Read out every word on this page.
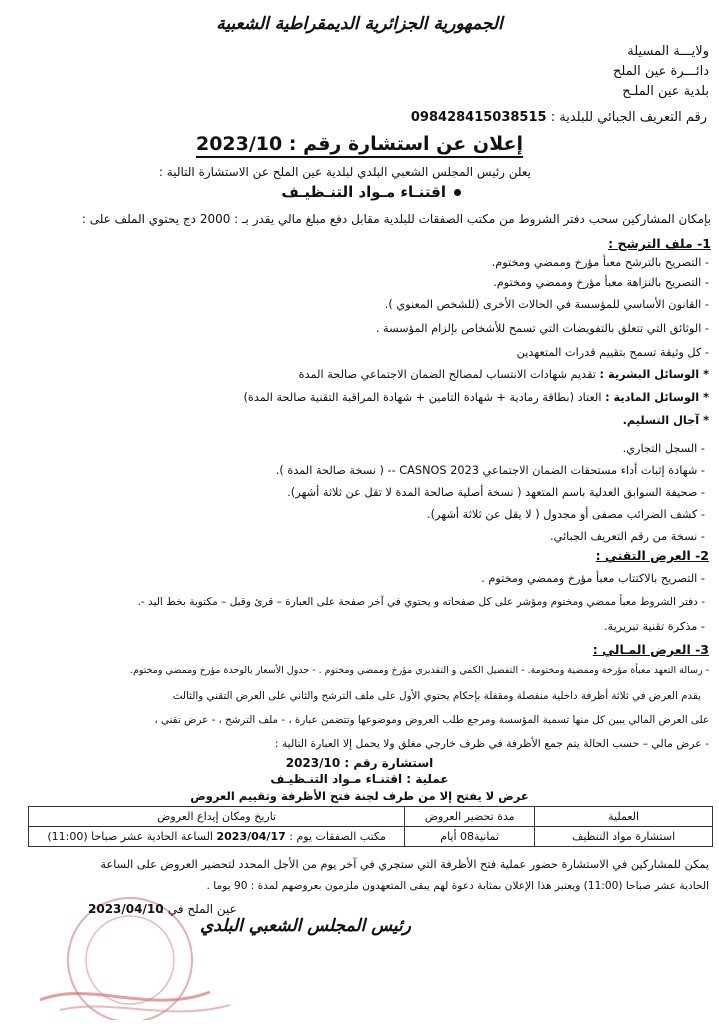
الجمهورية الجزائرية الديمقراطية الشعبية
ولايـــة المسيلة
دائـــرة عين الملح
بلدية عين الملـح
رقم التعريف الجبائي للبلدية : 098428415038515
إعلان عن استشارة رقم : 2023/10
يعلن رئيس المجلس الشعبي البلدي لبلدية عين الملح عن الاستشارة التالية :
اقتنـاء مـواد التنـظيـف
بإمكان المشاركين سحب دفتر الشروط من مكتب الصفقات للبلدية مقابل دفع مبلغ مالي يقدر بـ : 2000 دج يحتوي الملف على :
1- ملف الترشح :
- التصريح بالترشح معبأ مؤرخ وممضي ومختوم.
- التصريح بالنزاهة معبأ مؤرخ وممضي ومختوم.
- القانون الأساسي للمؤسسة في الحالات الأخرى (للشخص المعنوي ).
- الوثائق التي تتعلق بالتفويضات التي تسمح للأشخاص بإلزام المؤسسة .
- كل وثيقة تسمح بتقييم قدرات المتعهدين
* الوسائل البشرية : تقديم شهادات الانتساب لمصالح الضمان الاجتماعي صالحة المدة
* الوسائل المادية : العتاد (بطاقة رمادية + شهادة التامين + شهادة المراقبة التقنية صالحة المدة)
* آجال التسليم.
- السجل التجاري.
- شهادة إثبات أداء مستحقات الضمان الاجتماعي CASNOS 2023 -- ( نسخة صالحة المدة ).
- صحيفة السوابق العدلية باسم المتعهد ( نسخة أصلية صالحة المدة لا تقل عن ثلاثة أشهر).
- كشف الضرائب مصفى أو مجدول ( لا يقل عن ثلاثة أشهر).
- نسخة من رقم التعريف الجبائي.
2- العرض التقني :
- التصريح بالاكتتاب معبأ مؤرخ وممضي ومختوم .
- دفتر الشروط معبأ ممضي ومختوم ومؤشر على كل صفحاته و يحتوي في آخر صفحة على العبارة – قرئ وقبل – مكتوبة بخط اليد -.
- مذكرة تقنية تبريرية.
3- العرض المـالي :
- رسالة التعهد معبأة مؤرخة وممضية ومختومة. - التفصيل الكمي و التقديري مؤرخ وممضي ومختوم . - جدول الأسعار بالوحدة مؤرخ وممضي ومختوم.
يقدم العرض في ثلاثة أظرفة داخلية منفصلة ومقفلة بإحكام يحتوي الأول على ملف الترشح والثاني على العرض التقني والثالث
على العرض المالي يبين كل منها تسمية المؤسسة ومرجع طلب العروض وموضوعها وتتضمن عبارة ، - ملف الترشح ، - عرض تقني ،
- عرض مالي – حسب الحالة يتم جمع الأظرفة في ظرف خارجي مغلق ولا يحمل إلا العبارة التالية :
استشارة رقم : 2023/10
عملية : اقتنـاء مـواد التنـظيـف
عرض لا يفتح إلا من طرف لجنة فتح الأظرفة وتقييم العروض
العملية	مدة تحضير العروض	تاريخ ومكان إيداع العروض
استشارة مواد التنظيف	ثمانية08 أيام	مكتب الصفقات يوم : 2023/04/17 الساعة الحادية عشر صباحا (11:00)
يمكن للمشاركين في الاستشارة حضور عملية فتح الأظرفة التي ستجري في آخر يوم من الأجل المحدد لتحضير العروض على الساعة
الحادية عشر صباحا (11:00) ويعتبر هذا الإعلان بمثابة دعوة لهم يبقى المتعهدون ملزمون بعروضهم لمدة : 90 يوما .
عين الملح في :
2023/04/10
رئيس المجلس الشعبي البلدي
